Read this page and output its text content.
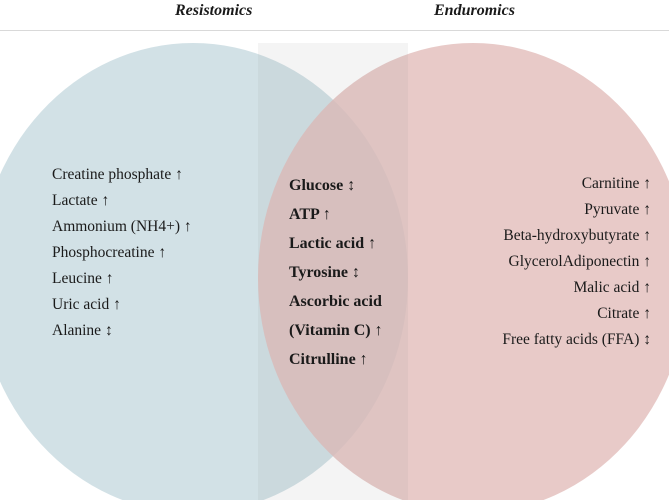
Resistomics	Enduromics
Creatine phosphate ↑
Lactate ↑
Ammonium (NH4+) ↑
Phosphocreatine ↑
Leucine ↑
Uric acid ↑
Alanine ↕
Glucose ↕
ATP ↑
Lactic acid ↑
Tyrosine ↕
Ascorbic acid
(Vitamin C) ↑
Citrulline ↑
Carnitine ↑
Pyruvate ↑
Beta-hydroxybutyrate ↑
GlycerolAdiponectin ↑
Malic acid ↑
Citrate ↑
Free fatty acids (FFA) ↕
